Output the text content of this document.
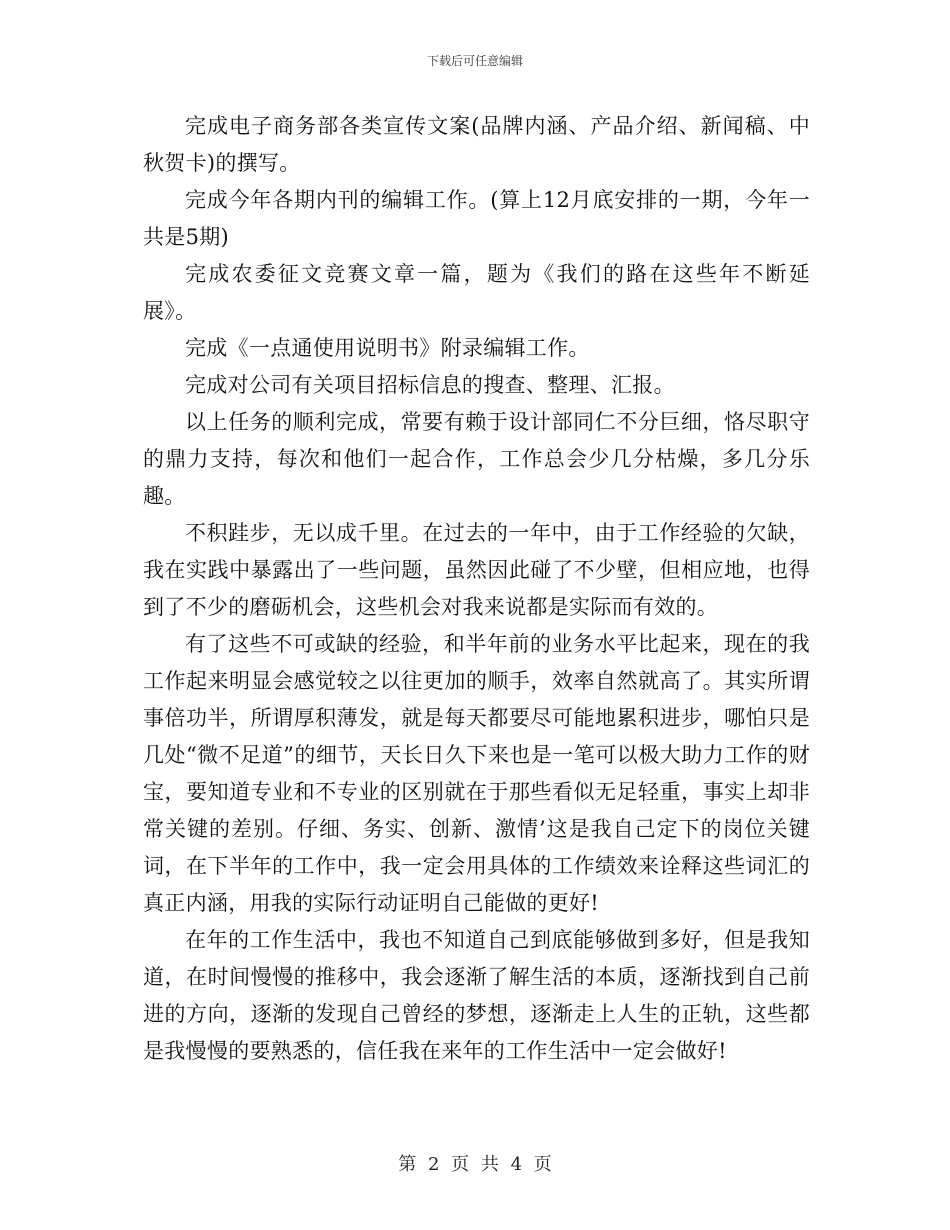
下载后可任意编辑

完成电子商务部各类宣传文案(品牌内涵、产品介绍、新闻稿、中秋贺卡)的撰写。

完成今年各期内刊的编辑工作。(算上12月底安排的一期，今年一共是5期)

完成农委征文竞赛文章一篇，题为《我们的路在这些年不断延展》。

完成《一点通使用说明书》附录编辑工作。

完成对公司有关项目招标信息的搜查、整理、汇报。

以上任务的顺利完成，常要有赖于设计部同仁不分巨细，恪尽职守的鼎力支持，每次和他们一起合作，工作总会少几分枯燥，多几分乐趣。

不积跬步，无以成千里。在过去的一年中，由于工作经验的欠缺，我在实践中暴露出了一些问题，虽然因此碰了不少壁，但相应地，也得到了不少的磨砺机会，这些机会对我来说都是实际而有效的。

有了这些不可或缺的经验，和半年前的业务水平比起来，现在的我工作起来明显会感觉较之以往更加的顺手，效率自然就高了。其实所谓事倍功半，所谓厚积薄发，就是每天都要尽可能地累积进步，哪怕只是几处“微不足道”的细节，天长日久下来也是一笔可以极大助力工作的财宝，要知道专业和不专业的区别就在于那些看似无足轻重，事实上却非常关键的差别。仔细、务实、创新、激情’这是我自己定下的岗位关键词，在下半年的工作中，我一定会用具体的工作绩效来诠释这些词汇的真正内涵，用我的实际行动证明自己能做的更好!

在年的工作生活中，我也不知道自己到底能够做到多好，但是我知道，在时间慢慢的推移中，我会逐渐了解生活的本质，逐渐找到自己前进的方向，逐渐的发现自己曾经的梦想，逐渐走上人生的正轨，这些都是我慢慢的要熟悉的，信任我在来年的工作生活中一定会做好!

第 2 页 共 4 页
